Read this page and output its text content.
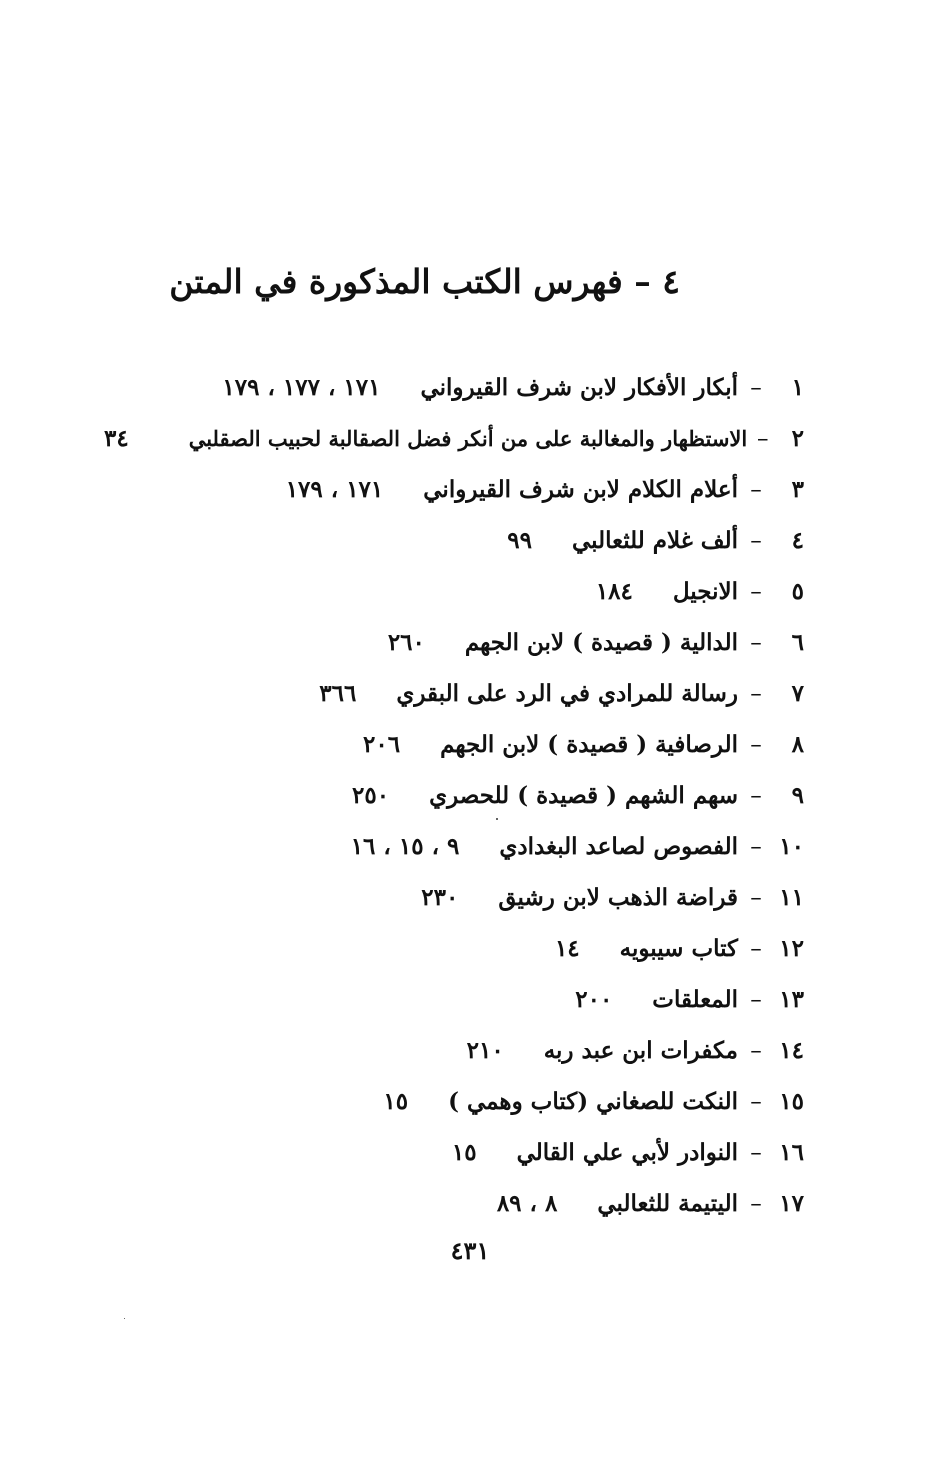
٤ – فهرس الكتب المذكورة في المتن
١
–
أبكار الأفكار لابن شرف القيرواني
١٧١ ، ١٧٧ ، ١٧٩
٢
–
الاستظهار والمغالبة على من أنكر فضل الصقالبة لحبيب الصقلبي
٣٤
٣
–
أعلام الكلام لابن شرف القيرواني
١٧١ ، ١٧٩
٤
–
ألف غلام للثعالبي
٩٩
٥
–
الانجيل
١٨٤
٦
–
الدالية ( قصيدة ) لابن الجهم
٢٦٠
٧
–
رسالة للمرادي في الرد على البقري
٣٦٦
٨
–
الرصافية ( قصيدة ) لابن الجهم
٢٠٦
٩
–
سهم الشهم ( قصيدة ) للحصري
٢٥٠
١٠
–
الفصوص لصاعد البغدادي
٩ ، ١٥ ، ١٦
١١
–
قراضة الذهب لابن رشيق
٢٣٠
١٢
–
كتاب سيبويه
١٤
١٣
–
المعلقات
٢٠٠
١٤
–
مكفرات ابن عبد ربه
٢١٠
١٥
–
النكت للصغاني (كتاب وهمي )
١٥
١٦
–
النوادر لأبي علي القالي
١٥
١٧
–
اليتيمة للثعالبي
٨ ، ٨٩
٤٣١
